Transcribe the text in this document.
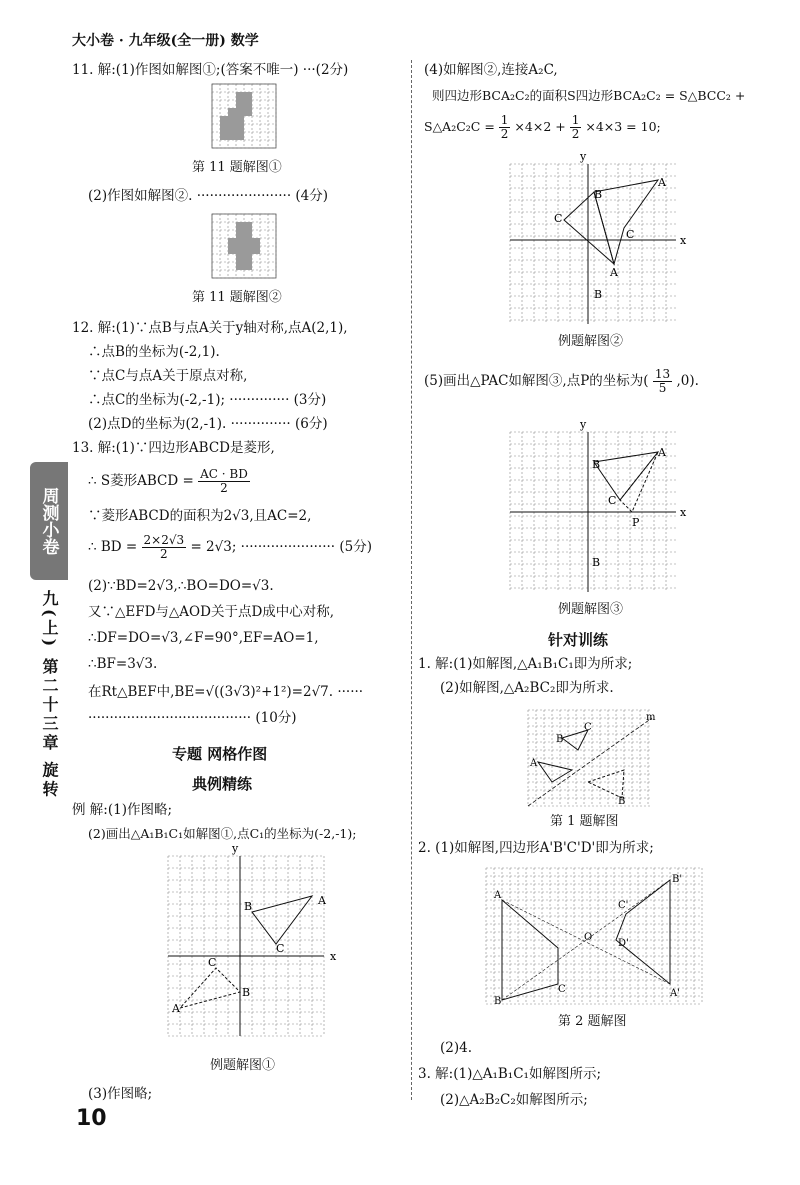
大小卷 · 九年级(全一册) 数学
周测小卷
九(上) 第二十三章 旋转
10
11. 解:(1)作图如解图①;(答案不唯一) ···(2分)
第 11 题解图①
(2)作图如解图②. ······················ (4分)
第 11 题解图②
12. 解:(1)∵点B与点A关于y轴对称,点A(2,1),
∴点B的坐标为(-2,1).
∵点C与点A关于原点对称,
∴点C的坐标为(-2,-1); ·············· (3分)
(2)点D的坐标为(2,-1). ·············· (6分)
13. 解:(1)∵四边形ABCD是菱形,
∴ S菱形ABCD = $\frac{AC \cdot BD}{2}$
∵菱形ABCD的面积为2√3,且AC=2,
∴ BD = $\frac{2\times 2√3}{2} = 2√3$; ······················ (5分)
(2)∵BD=2√3,∴BO=DO=√3.
又∵△EFD与△AOD关于点D成中心对称,
∴DF=DO=√3,∠F=90°,EF=AO=1,
∴BF=3√3.
在Rt△BEF中,BE=√((3√3)²+1²)=2√7. ······
······································ (10分)
专题 网格作图
典例精练
例 解:(1)作图略;
(2)画出△A₁B₁C₁如解图①,点C₁的坐标为(-2,-1);
A
B
C
A
B
C	x
y
例题解图①
(3)作图略;
(4)如解图②,连接A₂C,
则四边形BCA₂C₂的面积S四边形BCA₂C₂ = S△BCC₂ +
S△A₂C₂C = $\frac{1}{2} \times 4\times 2 + \frac{1}{2} \times 4\times 3 = 10$;
A
B
C
C
A
B
x
y
例题解图②
(5)画出△PAC如解图③,点P的坐标为( $\frac{13}{5} ,0$).
A
B
C
P
B
x
y
例题解图③
针对训练
1. 解:(1)如解图,△A₁B₁C₁即为所求;
(2)如解图,△A₂BC₂即为所求.
m
B
C
A
B
第 1 题解图
2. (1)如解图,四边形A'B'C'D'即为所求;
A
B'
C'
D'
O
C	A'
B
第 2 题解图
(2)4.
3. 解:(1)△A₁B₁C₁如解图所示;
(2)△A₂B₂C₂如解图所示;
